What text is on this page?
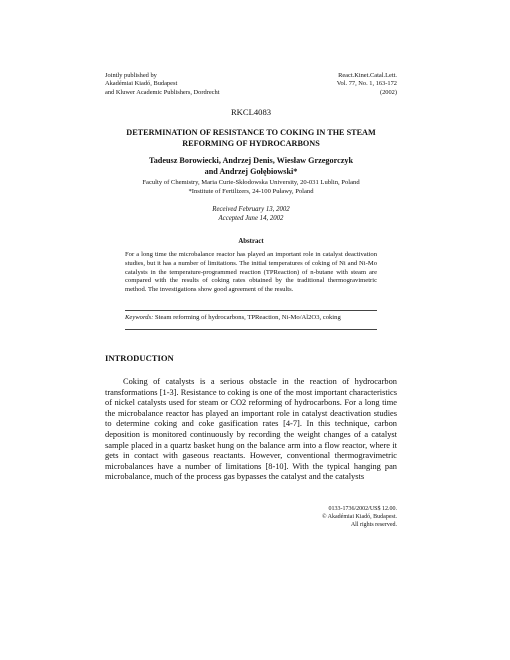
Jointly published by
Akadémiai Kiadó, Budapest
and Kluwer Academic Publishers, Dordrecht
React.Kinet.Catal.Lett.
Vol. 77, No. 1, 163-172
(2002)
RKCL4083
DETERMINATION OF RESISTANCE TO COKING IN THE STEAM
REFORMING OF HYDROCARBONS
Tadeusz Borowiecki, Andrzej Denis, Wiesław Grzegorczyk
and Andrzej Gołębiowski*
Faculty of Chemistry, Maria Curie-Skłodowska University, 20-031 Lublin, Poland
*Institute of Fertilizers, 24-100 Puławy, Poland
Received February 13, 2002
Accepted June 14, 2002
Abstract

For a long time the microbalance reactor has played an important role in catalyst deactivation studies, but it has a number of limitations. The initial temperatures of coking of Ni and Ni-Mo catalysts in the temperature-programmed reaction (TPReaction) of n-butane with steam are compared with the results of coking rates obtained by the traditional thermogravimetric method. The investigations show good agreement of the results.

Keywords: Steam reforming of hydrocarbons, TPReaction, Ni-Mo/Al2O3, coking
INTRODUCTION

Coking of catalysts is a serious obstacle in the reaction of hydrocarbon transformations [1-3]. Resistance to coking is one of the most important characteristics of nickel catalysts used for steam or CO2 reforming of hydrocarbons. For a long time the microbalance reactor has played an important role in catalyst deactivation studies to determine coking and coke gasification rates [4-7]. In this technique, carbon deposition is monitored continuously by recording the weight changes of a catalyst sample placed in a quartz basket hung on the balance arm into a flow reactor, where it gets in contact with gaseous reactants. However, conventional thermogravimetric microbalances have a number of limitations [8-10]. With the typical hanging pan microbalance, much of the process gas bypasses the catalyst and the catalysts

0133-1736/2002/US$ 12.00.
© Akadémiai Kiadó, Budapest.
All rights reserved.
